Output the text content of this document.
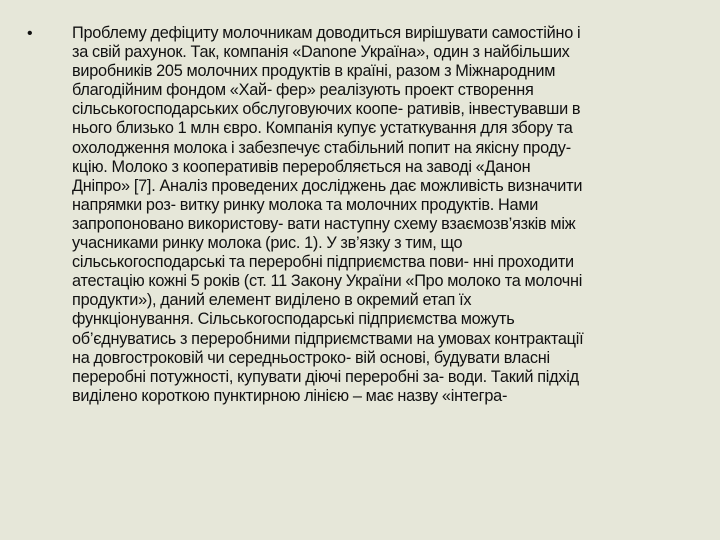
• Проблему дефіциту молочникам доводиться вирішувати самостійно і
за свій рахунок. Так, компанія «Danone Україна», один з найбільших
виробників 205 молочних продуктів в країні, разом з Міжнародним
благодійним фондом «Хай- фер» реалізують проект створення
сільськогосподарських обслуговуючих коопе- ративів, інвестувавши в
нього близько 1 млн євро. Компанія купує устаткування для збору та
охолодження молока і забезпечує стабільний попит на якісну проду-
кцію. Молоко з кооперативів переробляється на заводі «Данон
Дніпро» [7]. Аналіз проведених досліджень дає можливість визначити
напрямки роз- витку ринку молока та молочних продуктів. Нами
запропоновано використову- вати наступну схему взаємозв’язків між
учасниками ринку молока (рис. 1). У зв’язку з тим, що
сільськогосподарські та переробні підприємства пови- нні проходити
атестацію кожні 5 років (ст. 11 Закону України «Про молоко та молочні
продукти»), даний елемент виділено в окремий етап їх
функціонування. Сільськогосподарські підприємства можуть
об’єднуватись з переробними підприємствами на умовах контрактації
на довгостроковій чи середньостроко- вій основі, будувати власні
переробні потужності, купувати діючі переробні за- води. Такий підхід
виділено короткою пунктирною лінією – має назву «інтегра-
